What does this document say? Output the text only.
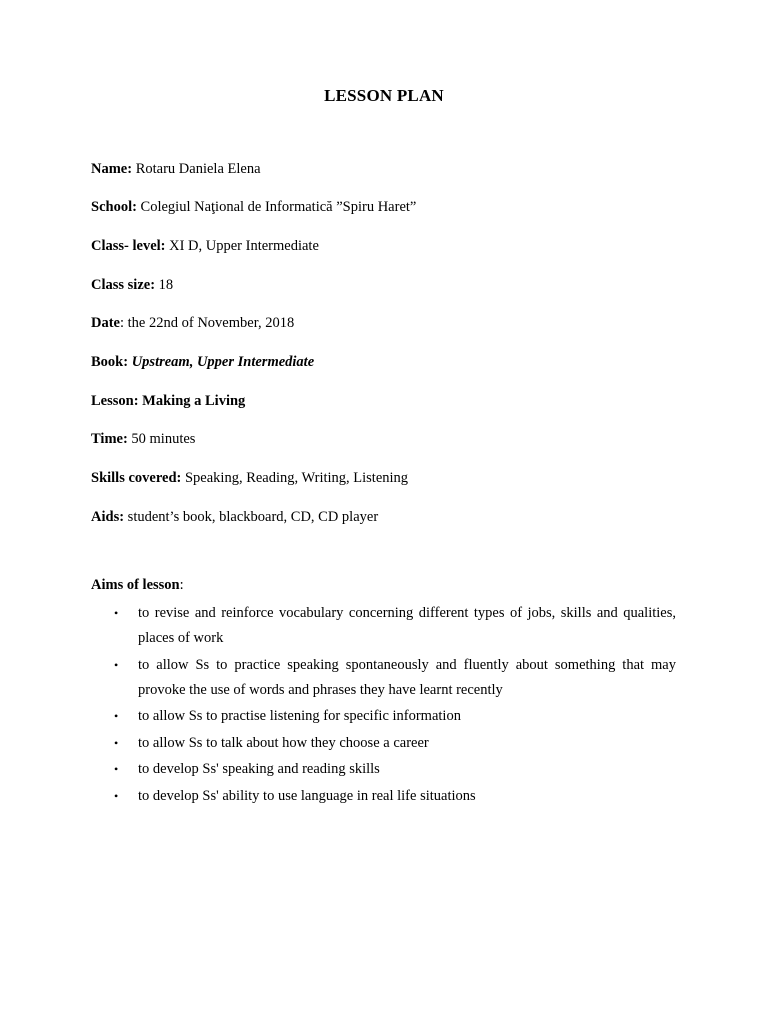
LESSON PLAN
Name: Rotaru Daniela Elena
School: Colegiul Naţional de Informatică ”Spiru Haret”
Class- level: XI D, Upper Intermediate
Class size: 18
Date: the 22nd of November, 2018
Book: Upstream, Upper Intermediate
Lesson: Making a Living
Time: 50 minutes
Skills covered: Speaking, Reading, Writing, Listening
Aids: student’s book, blackboard, CD, CD player
Aims of lesson:
• to revise and reinforce vocabulary concerning different types of jobs, skills and qualities, places of work
• to allow Ss to practice speaking spontaneously and fluently about something that may provoke the use of words and phrases they have learnt recently
• to allow Ss to practise listening for specific information
• to allow Ss to talk about how they choose a career
• to develop Ss' speaking and reading skills
• to develop Ss' ability to use language in real life situations
